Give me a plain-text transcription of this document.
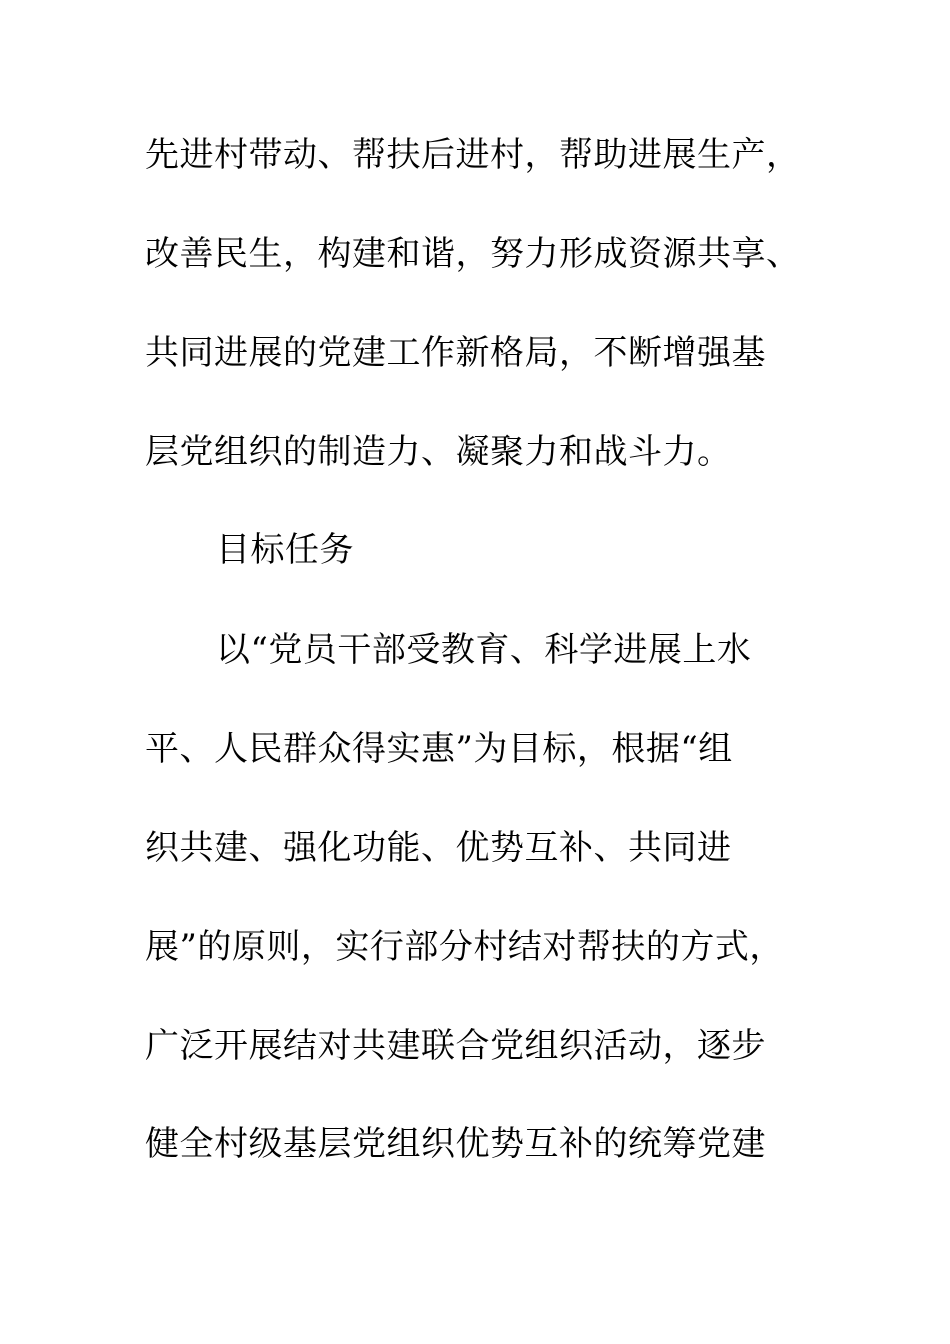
先进村带动、帮扶后进村，帮助进展生产，
改善民生，构建和谐，努力形成资源共享、
共同进展的党建工作新格局，不断增强基
层党组织的制造力、凝聚力和战斗力。
目标任务
以“党员干部受教育、科学进展上水
平、人民群众得实惠”为目标，根据“组
织共建、强化功能、优势互补、共同进
展”的原则，实行部分村结对帮扶的方式，
广泛开展结对共建联合党组织活动，逐步
健全村级基层党组织优势互补的统筹党建
